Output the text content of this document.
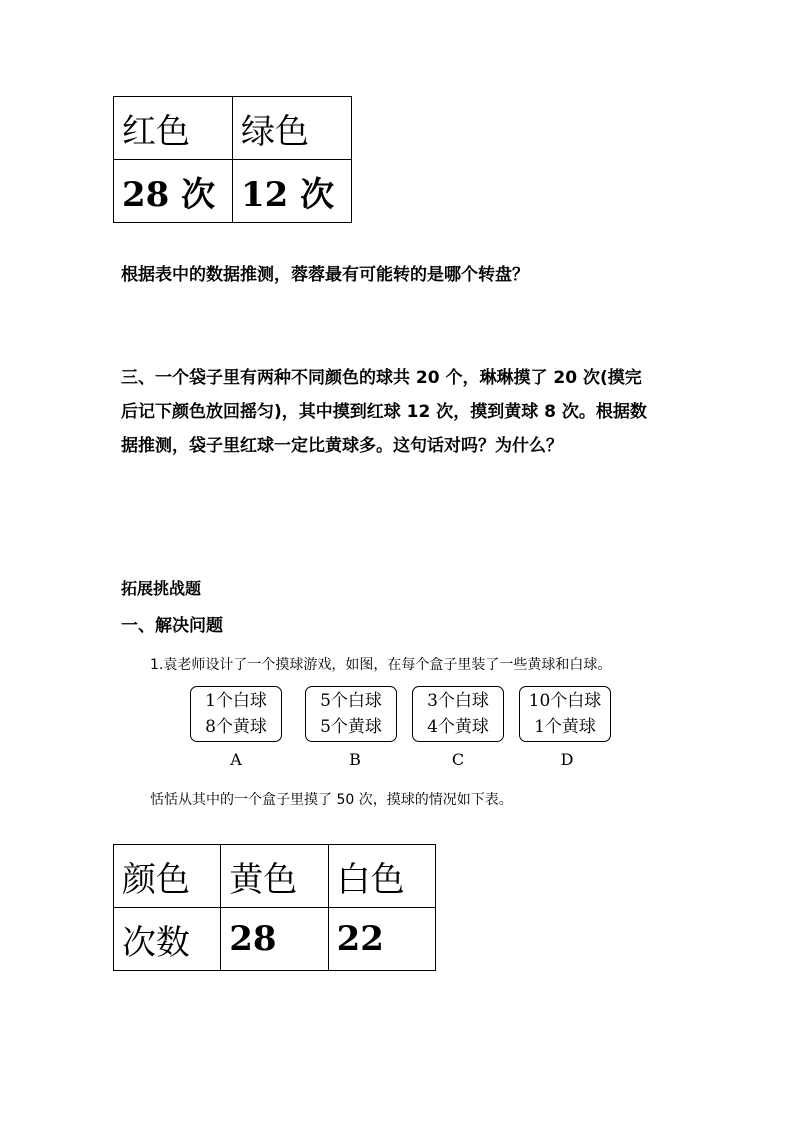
红色	绿色
28 次	12 次
根据表中的数据推测，蓉蓉最有可能转的是哪个转盘？
三、一个袋子里有两种不同颜色的球共 20 个，琳琳摸了 20 次(摸完
后记下颜色放回摇匀)，其中摸到红球 12 次，摸到黄球 8 次。根据数
据推测，袋子里红球一定比黄球多。这句话对吗？为什么？
拓展挑战题
一、解决问题
1.袁老师设计了一个摸球游戏，如图，在每个盒子里装了一些黄球和白球。
1个白球
8个黄球
A
5个白球
5个黄球
B
3个白球
4个黄球
C
10个白球
1个黄球
D
恬恬从其中的一个盒子里摸了 50 次，摸球的情况如下表。
颜色	黄色	白色
次数	28	22
